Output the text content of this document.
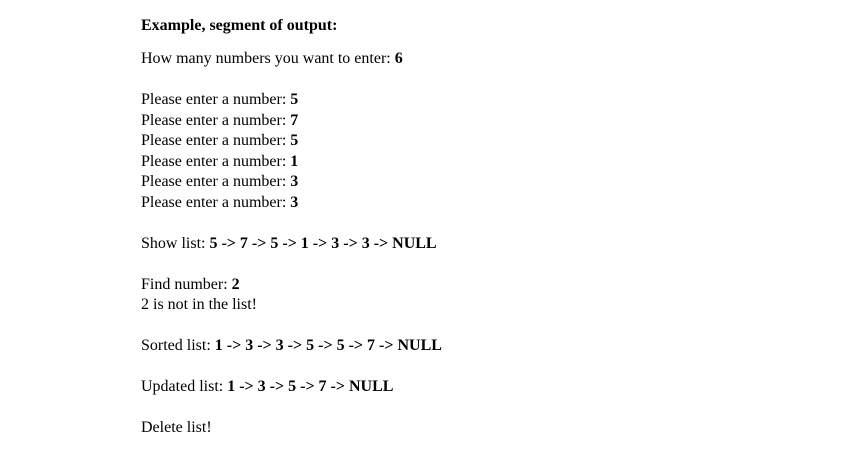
Example, segment of output:

How many numbers you want to enter: 6

Please enter a number: 5

Please enter a number: 7

Please enter a number: 5

Please enter a number: 1

Please enter a number: 3

Please enter a number: 3

Show list: 5 -> 7 -> 5 -> 1 -> 3 -> 3 -> NULL

Find number: 2

2 is not in the list!

Sorted list: 1 -> 3 -> 3 -> 5 -> 5 -> 7 -> NULL

Updated list: 1 -> 3 -> 5 -> 7 -> NULL

Delete list!
